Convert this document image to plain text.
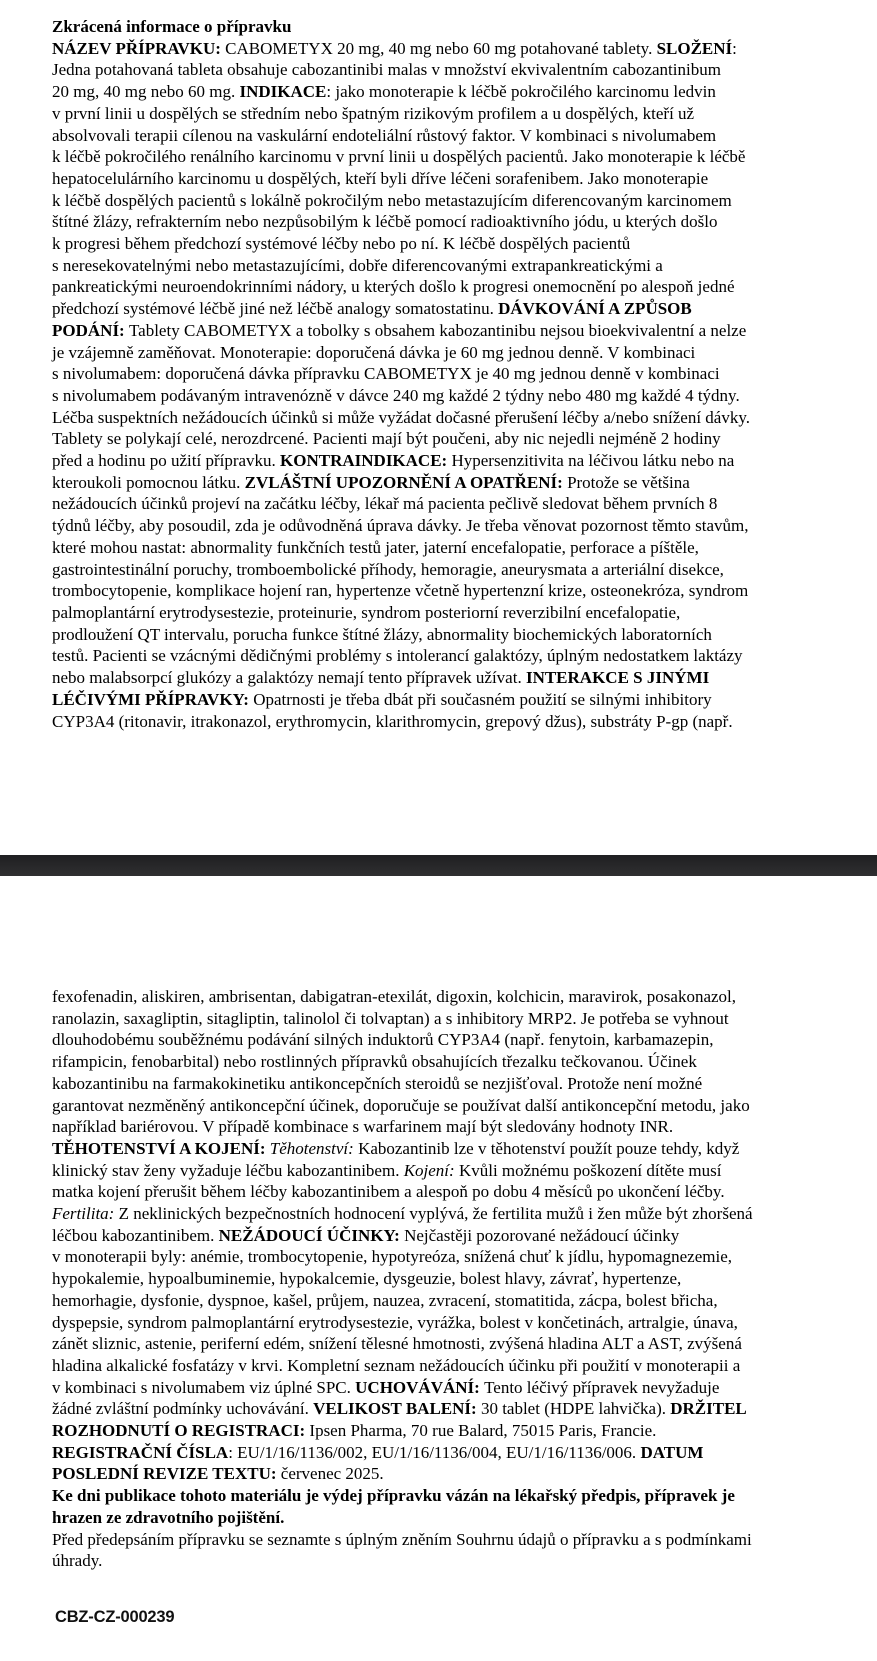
Zkrácená informace o přípravku
NÁZEV PŘÍPRAVKU: CABOMETYX 20 mg, 40 mg nebo 60 mg potahované tablety. SLOŽENÍ:
Jedna potahovaná tableta obsahuje cabozantinibi malas v množství ekvivalentním cabozantinibum
20 mg, 40 mg nebo 60 mg. INDIKACE: jako monoterapie k léčbě pokročilého karcinomu ledvin
v první linii u dospělých se středním nebo špatným rizikovým profilem a u dospělých, kteří už
absolvovali terapii cílenou na vaskulární endoteliální růstový faktor. V kombinaci s nivolumabem
k léčbě pokročilého renálního karcinomu v první linii u dospělých pacientů. Jako monoterapie k léčbě
hepatocelulárního karcinomu u dospělých, kteří byli dříve léčeni sorafenibem. Jako monoterapie
k léčbě dospělých pacientů s lokálně pokročilým nebo metastazujícím diferencovaným karcinomem
štítné žlázy, refrakterním nebo nezpůsobilým k léčbě pomocí radioaktivního jódu, u kterých došlo
k progresi během předchozí systémové léčby nebo po ní. K léčbě dospělých pacientů
s neresekovatelnými nebo metastazujícími, dobře diferencovanými extrapankreatickými a
pankreatickými neuroendokrinními nádory, u kterých došlo k progresi onemocnění po alespoň jedné
předchozí systémové léčbě jiné než léčbě analogy somatostatinu. DÁVKOVÁNÍ A ZPŮSOB
PODÁNÍ: Tablety CABOMETYX a tobolky s obsahem kabozantinibu nejsou bioekvivalentní a nelze
je vzájemně zaměňovat. Monoterapie: doporučená dávka je 60 mg jednou denně. V kombinaci
s nivolumabem: doporučená dávka přípravku CABOMETYX je 40 mg jednou denně v kombinaci
s nivolumabem podávaným intravenózně v dávce 240 mg každé 2 týdny nebo 480 mg každé 4 týdny.
Léčba suspektních nežádoucích účinků si může vyžádat dočasné přerušení léčby a/nebo snížení dávky.
Tablety se polykají celé, nerozdrcené. Pacienti mají být poučeni, aby nic nejedli nejméně 2 hodiny
před a hodinu po užití přípravku. KONTRAINDIKACE: Hypersenzitivita na léčivou látku nebo na
kteroukoli pomocnou látku. ZVLÁŠTNÍ UPOZORNĚNÍ A OPATŘENÍ: Protože se většina
nežádoucích účinků projeví na začátku léčby, lékař má pacienta pečlivě sledovat během prvních 8
týdnů léčby, aby posoudil, zda je odůvodněná úprava dávky. Je třeba věnovat pozornost těmto stavům,
které mohou nastat: abnormality funkčních testů jater, jaterní encefalopatie, perforace a píštěle,
gastrointestinální poruchy, tromboembolické příhody, hemoragie, aneurysmata a arteriální disekce,
trombocytopenie, komplikace hojení ran, hypertenze včetně hypertenzní krize, osteonekróza, syndrom
palmoplantární erytrodysestezie, proteinurie, syndrom posteriorní reverzibilní encefalopatie,
prodloužení QT intervalu, porucha funkce štítné žlázy, abnormality biochemických laboratorních
testů. Pacienti se vzácnými dědičnými problémy s intolerancí galaktózy, úplným nedostatkem laktázy
nebo malabsorpcí glukózy a galaktózy nemají tento přípravek užívat. INTERAKCE S JINÝMI
LÉČIVÝMI PŘÍPRAVKY: Opatrnosti je třeba dbát při současném použití se silnými inhibitory
CYP3A4 (ritonavir, itrakonazol, erythromycin, klarithromycin, grepový džus), substráty P-gp (např.
fexofenadin, aliskiren, ambrisentan, dabigatran-etexilát, digoxin, kolchicin, maravirok, posakonazol,
ranolazin, saxagliptin, sitagliptin, talinolol či tolvaptan) a s inhibitory MRP2. Je potřeba se vyhnout
dlouhodobému souběžnému podávání silných induktorů CYP3A4 (např. fenytoin, karbamazepin,
rifampicin, fenobarbital) nebo rostlinných přípravků obsahujících třezalku tečkovanou. Účinek
kabozantinibu na farmakokinetiku antikoncepčních steroidů se nezjišťoval. Protože není možné
garantovat nezměněný antikoncepční účinek, doporučuje se používat další antikoncepční metodu, jako
například bariérovou. V případě kombinace s warfarinem mají být sledovány hodnoty INR.
TĚHOTENSTVÍ A KOJENÍ: Těhotenství: Kabozantinib lze v těhotenství použít pouze tehdy, když
klinický stav ženy vyžaduje léčbu kabozantinibem. Kojení: Kvůli možnému poškození dítěte musí
matka kojení přerušit během léčby kabozantinibem a alespoň po dobu 4 měsíců po ukončení léčby.
Fertilita: Z neklinických bezpečnostních hodnocení vyplývá, že fertilita mužů i žen může být zhoršená
léčbou kabozantinibem. NEŽÁDOUCÍ ÚČINKY: Nejčastěji pozorované nežádoucí účinky
v monoterapii byly: anémie, trombocytopenie, hypotyreóza, snížená chuť k jídlu, hypomagnezemie,
hypokalemie, hypoalbuminemie, hypokalcemie, dysgeuzie, bolest hlavy, závrať, hypertenze,
hemorhagie, dysfonie, dyspnoe, kašel, průjem, nauzea, zvracení, stomatitida, zácpa, bolest břicha,
dyspepsie, syndrom palmoplantární erytrodysestezie, vyrážka, bolest v končetinách, artralgie, únava,
zánět sliznic, astenie, periferní edém, snížení tělesné hmotnosti, zvýšená hladina ALT a AST, zvýšená
hladina alkalické fosfatázy v krvi. Kompletní seznam nežádoucích účinku při použití v monoterapii a
v kombinaci s nivolumabem viz úplné SPC. UCHOVÁVÁNÍ: Tento léčivý přípravek nevyžaduje
žádné zvláštní podmínky uchovávání. VELIKOST BALENÍ: 30 tablet (HDPE lahvička). DRŽITEL
ROZHODNUTÍ O REGISTRACI: Ipsen Pharma, 70 rue Balard, 75015 Paris, Francie.
REGISTRAČNÍ ČÍSLA: EU/1/16/1136/002, EU/1/16/1136/004, EU/1/16/1136/006. DATUM
POSLEDNÍ REVIZE TEXTU: červenec 2025.
Ke dni publikace tohoto materiálu je výdej přípravku vázán na lékařský předpis, přípravek je
hrazen ze zdravotního pojištění.
Před předepsáním přípravku se seznamte s úplným zněním Souhrnu údajů o přípravku a s podmínkami
úhrady.
CBZ-CZ-000239
